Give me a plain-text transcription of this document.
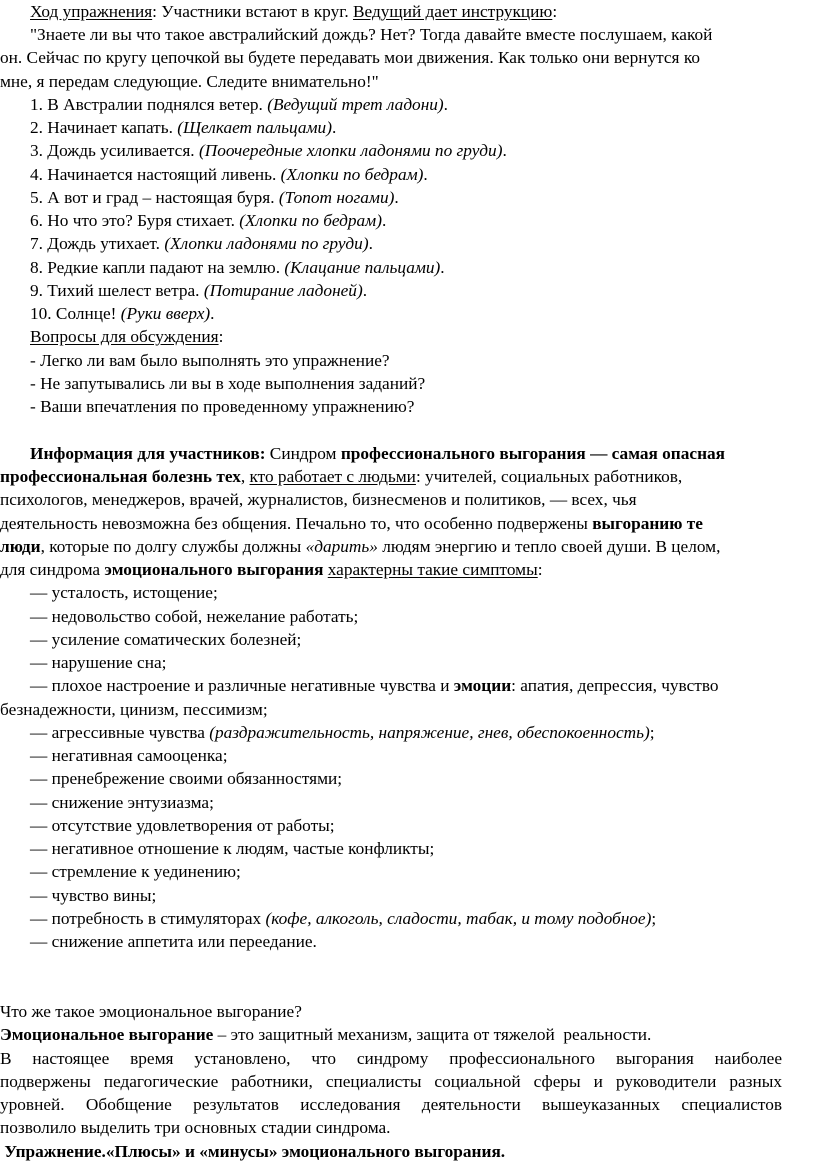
Ход упражнения: Участники встают в круг. Ведущий дает инструкцию:
"Знаете ли вы что такое австралийский дождь? Нет? Тогда давайте вместе послушаем, какой
он. Сейчас по кругу цепочкой вы будете передавать мои движения. Как только они вернутся ко
мне, я передам следующие. Следите внимательно!"
1. В Австралии поднялся ветер. (Ведущий трет ладони).
2. Начинает капать. (Щелкает пальцами).
3. Дождь усиливается. (Поочередные хлопки ладонями по груди).
4. Начинается настоящий ливень. (Хлопки по бедрам).
5. А вот и град – настоящая буря. (Топот ногами).
6. Но что это? Буря стихает. (Хлопки по бедрам).
7. Дождь утихает. (Хлопки ладонями по груди).
8. Редкие капли падают на землю. (Клацание пальцами).
9. Тихий шелест ветра. (Потирание ладоней).
10. Солнце! (Руки вверх).
Вопросы для обсуждения:
- Легко ли вам было выполнять это упражнение?
- Не запутывались ли вы в ходе выполнения заданий?
- Ваши впечатления по проведенному упражнению?
Информация для участников: Синдром профессионального выгорания — самая опасная
профессиональная болезнь тех, кто работает с людьми: учителей, социальных работников,
психологов, менеджеров, врачей, журналистов, бизнесменов и политиков, — всех, чья
деятельность невозможна без общения. Печально то, что особенно подвержены выгоранию те
люди, которые по долгу службы должны «дарить» людям энергию и тепло своей души. В целом,
для синдрома эмоционального выгорания характерны такие симптомы:
— усталость, истощение;
— недовольство собой, нежелание работать;
— усиление соматических болезней;
— нарушение сна;
— плохое настроение и различные негативные чувства и эмоции: апатия, депрессия, чувство
безнадежности, цинизм, пессимизм;
— агрессивные чувства (раздражительность, напряжение, гнев, обеспокоенность);
— негативная самооценка;
— пренебрежение своими обязанностями;
— снижение энтузиазма;
— отсутствие удовлетворения от работы;
— негативное отношение к людям, частые конфликты;
— стремление к уединению;
— чувство вины;
— потребность в стимуляторах (кофе, алкоголь, сладости, табак, и тому подобное);
— снижение аппетита или переедание.
Что же такое эмоциональное выгорание?
Эмоциональное выгорание – это защитный механизм, защита от тяжелой  реальности.
В настоящее время установлено, что синдрому профессионального выгорания наиболее
подвержены педагогические работники, специалисты социальной сферы и руководители разных
уровней. Обобщение результатов исследования деятельности вышеуказанных специалистов
позволило выделить три основных стадии синдрома.
Упражнение.«Плюсы» и «минусы» эмоционального выгорания.
